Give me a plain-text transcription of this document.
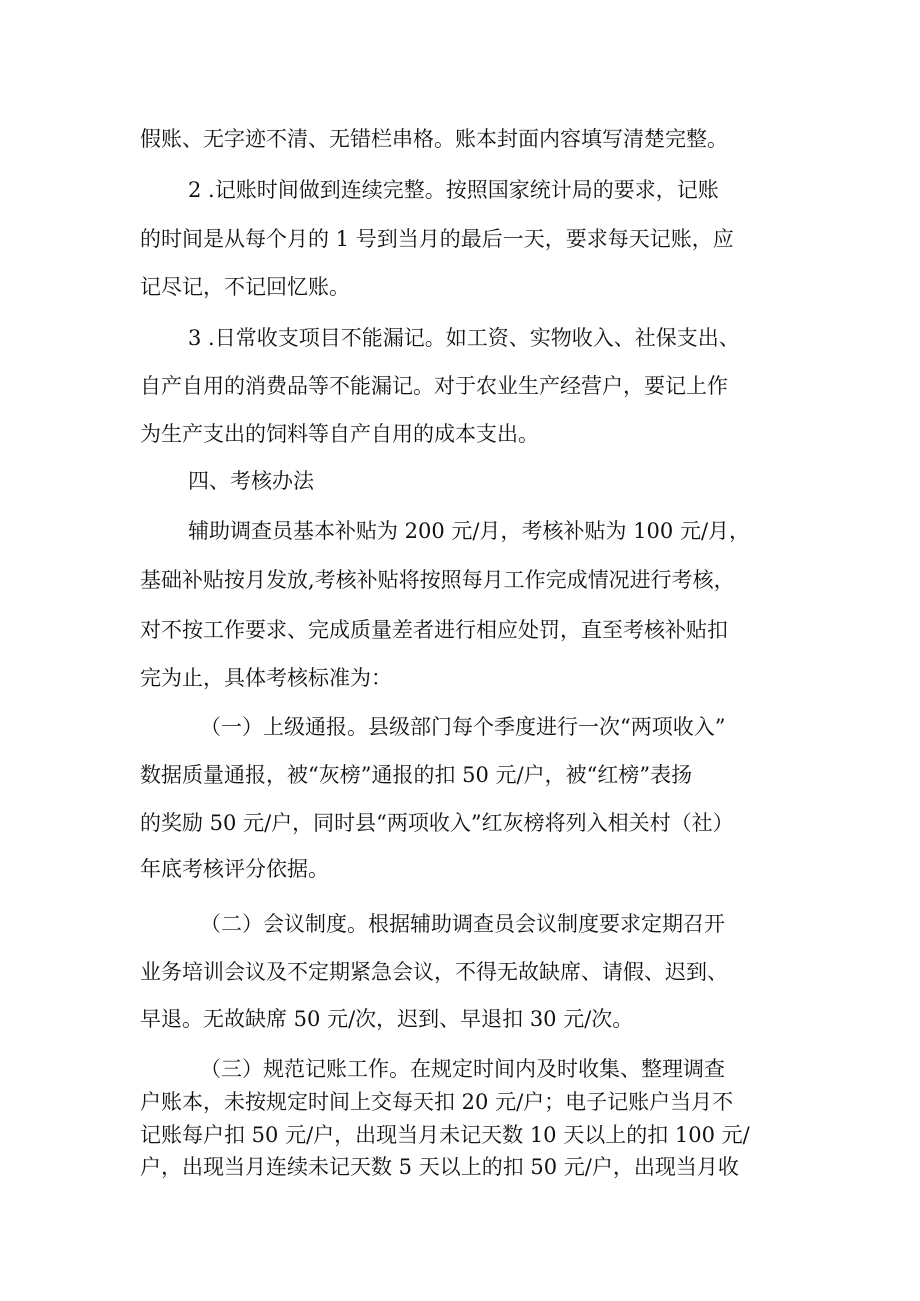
假账、无字迹不清、无错栏串格。账本封面内容填写清楚完整。

2 .记账时间做到连续完整。按照国家统计局的要求，记账

的时间是从每个月的 1 号到当月的最后一天，要求每天记账，应

记尽记，不记回忆账。

3 .日常收支项目不能漏记。如工资、实物收入、社保支出、

自产自用的消费品等不能漏记。对于农业生产经营户，要记上作

为生产支出的饲料等自产自用的成本支出。

四、考核办法

辅助调查员基本补贴为 200 元/月，考核补贴为 100 元/月，

基础补贴按月发放,考核补贴将按照每月工作完成情况进行考核，

对不按工作要求、完成质量差者进行相应处罚，直至考核补贴扣

完为止，具体考核标准为：

（一）上级通报。县级部门每个季度进行一次“两项收入”

数据质量通报，被“灰榜”通报的扣 50 元/户，被“红榜”表扬

的奖励 50 元/户，同时县“两项收入”红灰榜将列入相关村（社）

年底考核评分依据。

（二）会议制度。根据辅助调查员会议制度要求定期召开

业务培训会议及不定期紧急会议，不得无故缺席、请假、迟到、

早退。无故缺席 50 元/次，迟到、早退扣 30 元/次。

（三）规范记账工作。在规定时间内及时收集、整理调查

户账本，未按规定时间上交每天扣 20 元/户；电子记账户当月不

记账每户扣 50 元/户，出现当月未记天数 10 天以上的扣 100 元/

户，出现当月连续未记天数 5 天以上的扣 50 元/户，出现当月收
